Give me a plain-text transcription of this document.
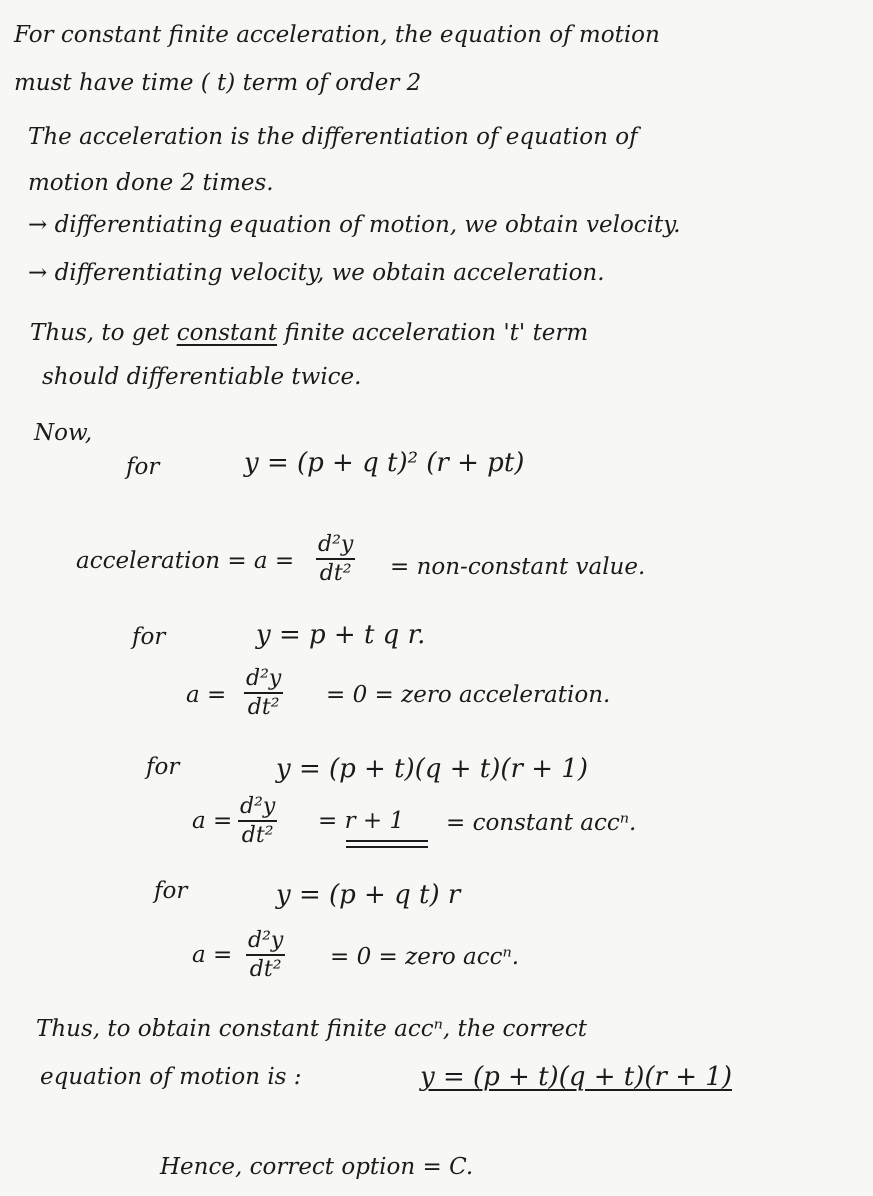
For constant finite acceleration, the equation of motion
must have time ( t) term of order 2
The acceleration is the differentiation of equation of
motion done 2 times.
→ differentiating equation of motion, we obtain velocity.
→ differentiating velocity, we obtain acceleration.
Thus, to get constant finite acceleration 't' term
should differentiable twice.
Now,
for	y = (p + q t)² (r + pt)
acceleration = a =
d²y
dt² = non-constant value.
for	y = p + t q r.
a =
d²y
dt² = 0 = zero acceleration.
for	y = (p + t)(q + t)(r + 1)
a =
d²y
dt²
= r + 1 = constant accⁿ.
for	y = (p + q t) r
a =
d²y
dt² = 0 = zero accⁿ.
Thus, to obtain constant finite accⁿ, the correct
equation of motion is :	y = (p + t)(q + t)(r + 1)
Hence, correct option = C.
